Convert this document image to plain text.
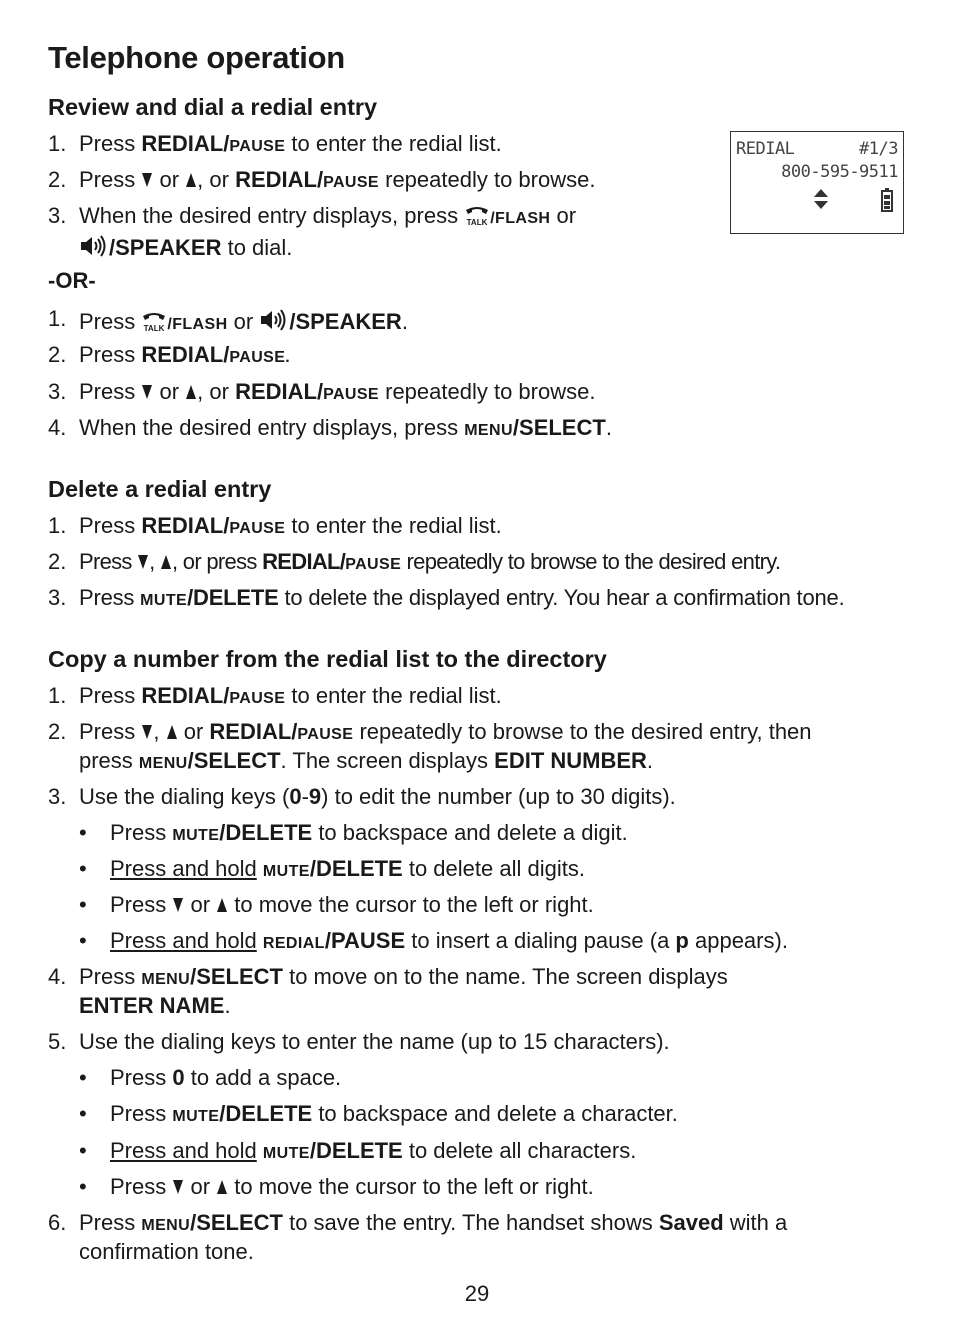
Telephone operation
REDIAL	#1/3
800-595-9511
Review and dial a redial entry
1. Press REDIAL/PAUSE to enter the redial list.
2. Press  or , or REDIAL/PAUSE repeatedly to browse.
3. When the desired entry displays, press /FLASH or
/SPEAKER to dial.
-OR-
1. Press /FLASH or /SPEAKER.
2. Press REDIAL/PAUSE.
3. Press  or , or REDIAL/PAUSE repeatedly to browse.
4. When the desired entry displays, press MENU/SELECT.
Delete a redial entry
1. Press REDIAL/PAUSE to enter the redial list.
2. Press , , or press REDIAL/PAUSE repeatedly to browse to the desired entry.
3. Press MUTE/DELETE to delete the displayed entry. You hear a confirmation tone.
Copy a number from the redial list to the directory
1. Press REDIAL/PAUSE to enter the redial list.
2. Press ,  or REDIAL/PAUSE repeatedly to browse to the desired entry, then
press MENU/SELECT. The screen displays EDIT NUMBER.
3. Use the dialing keys (0-9) to edit the number (up to 30 digits).
• Press MUTE/DELETE to backspace and delete a digit.
• Press and hold MUTE/DELETE to delete all digits.
• Press  or  to move the cursor to the left or right.
• Press and hold REDIAL/PAUSE to insert a dialing pause (a p appears).
4. Press MENU/SELECT to move on to the name. The screen displays
ENTER NAME.
5. Use the dialing keys to enter the name (up to 15 characters).
• Press 0 to add a space.
• Press MUTE/DELETE to backspace and delete a character.
• Press and hold MUTE/DELETE to delete all characters.
• Press  or  to move the cursor to the left or right.
6. Press MENU/SELECT to save the entry. The handset shows Saved with a
confirmation tone.
29
